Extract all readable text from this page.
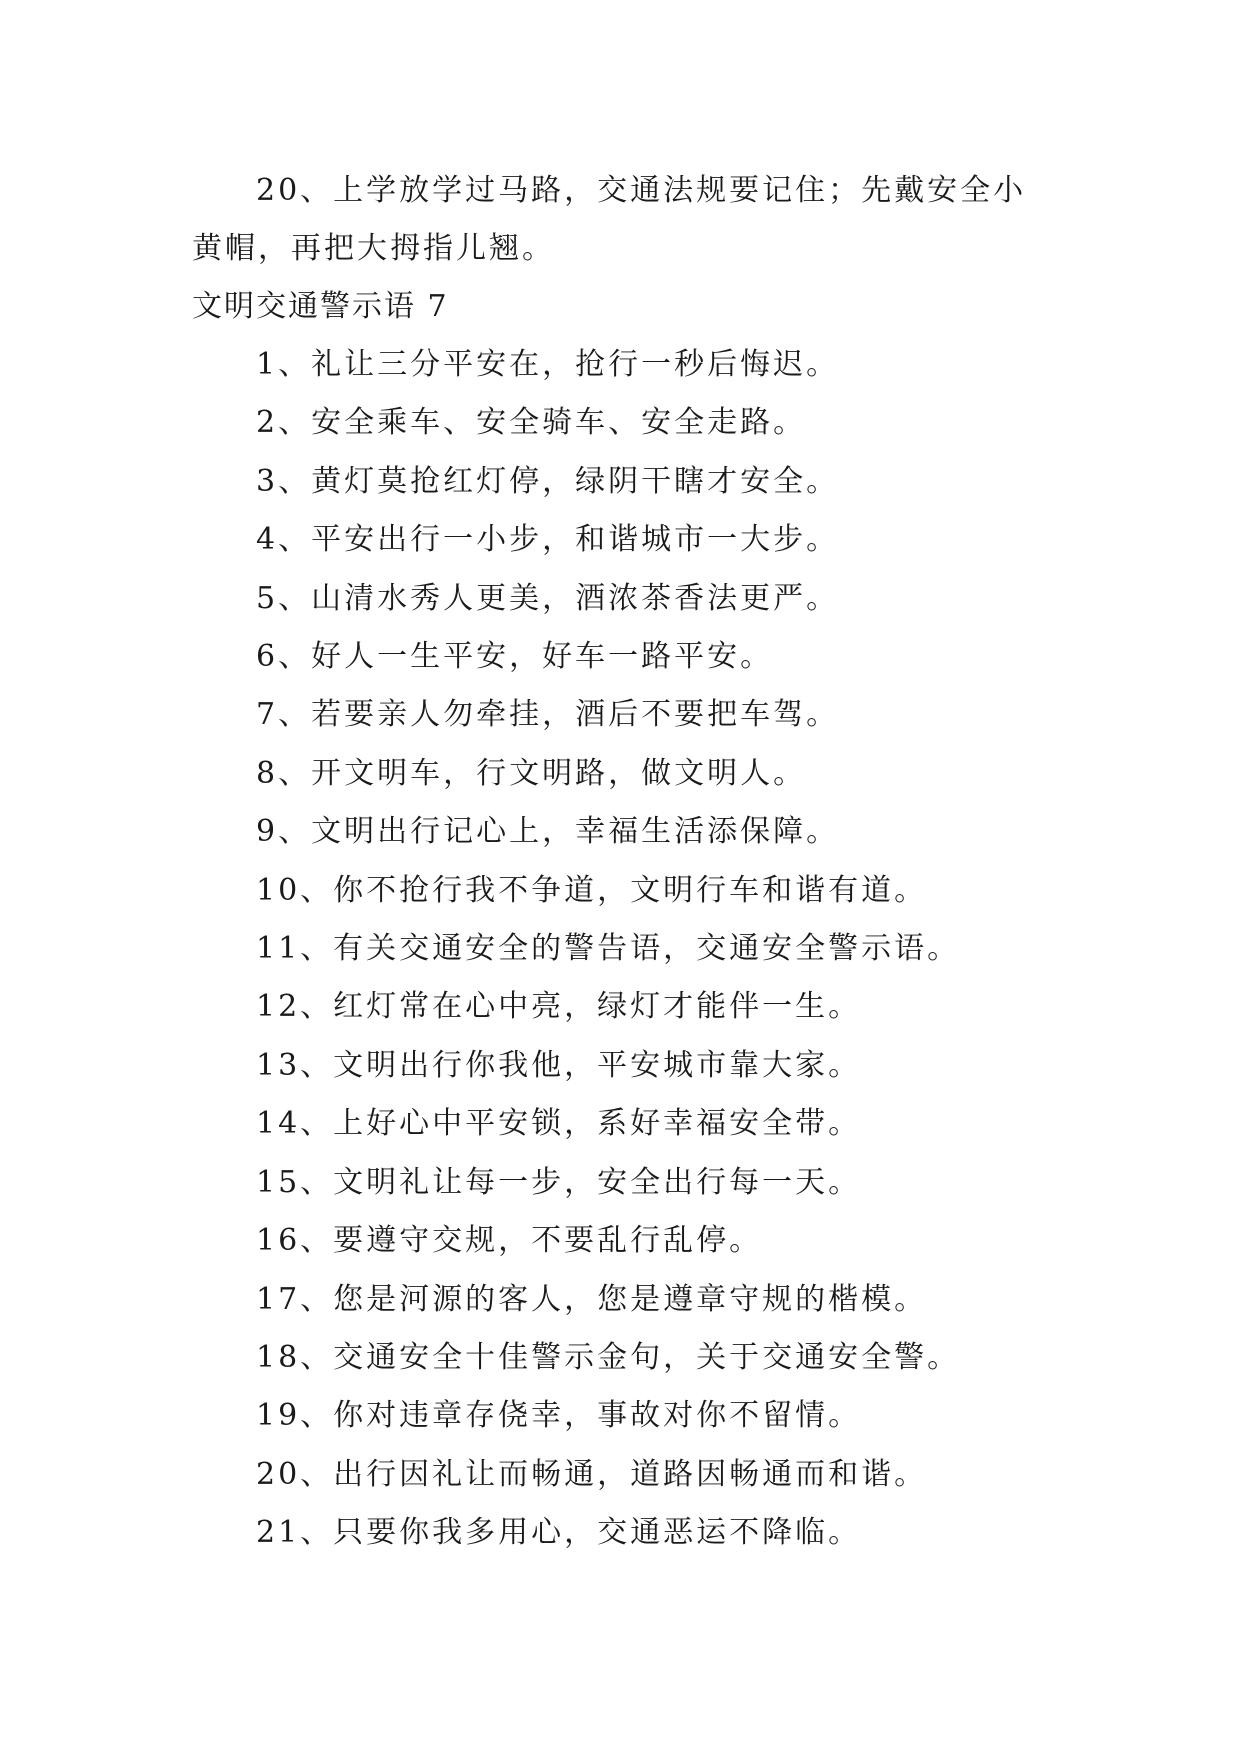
20、上学放学过马路，交通法规要记住；先戴安全小黄帽，再把大拇指儿翘。

文明交通警示语 7

1、礼让三分平安在，抢行一秒后悔迟。

2、安全乘车、安全骑车、安全走路。

3、黄灯莫抢红灯停，绿阴干瞎才安全。

4、平安出行一小步，和谐城市一大步。

5、山清水秀人更美，酒浓茶香法更严。

6、好人一生平安，好车一路平安。

7、若要亲人勿牵挂，酒后不要把车驾。

8、开文明车，行文明路，做文明人。

9、文明出行记心上，幸福生活添保障。

10、你不抢行我不争道，文明行车和谐有道。

11、有关交通安全的警告语，交通安全警示语。

12、红灯常在心中亮，绿灯才能伴一生。

13、文明出行你我他，平安城市靠大家。

14、上好心中平安锁，系好幸福安全带。

15、文明礼让每一步，安全出行每一天。

16、要遵守交规，不要乱行乱停。

17、您是河源的客人，您是遵章守规的楷模。

18、交通安全十佳警示金句，关于交通安全警。

19、你对违章存侥幸，事故对你不留情。

20、出行因礼让而畅通，道路因畅通而和谐。

21、只要你我多用心，交通恶运不降临。
